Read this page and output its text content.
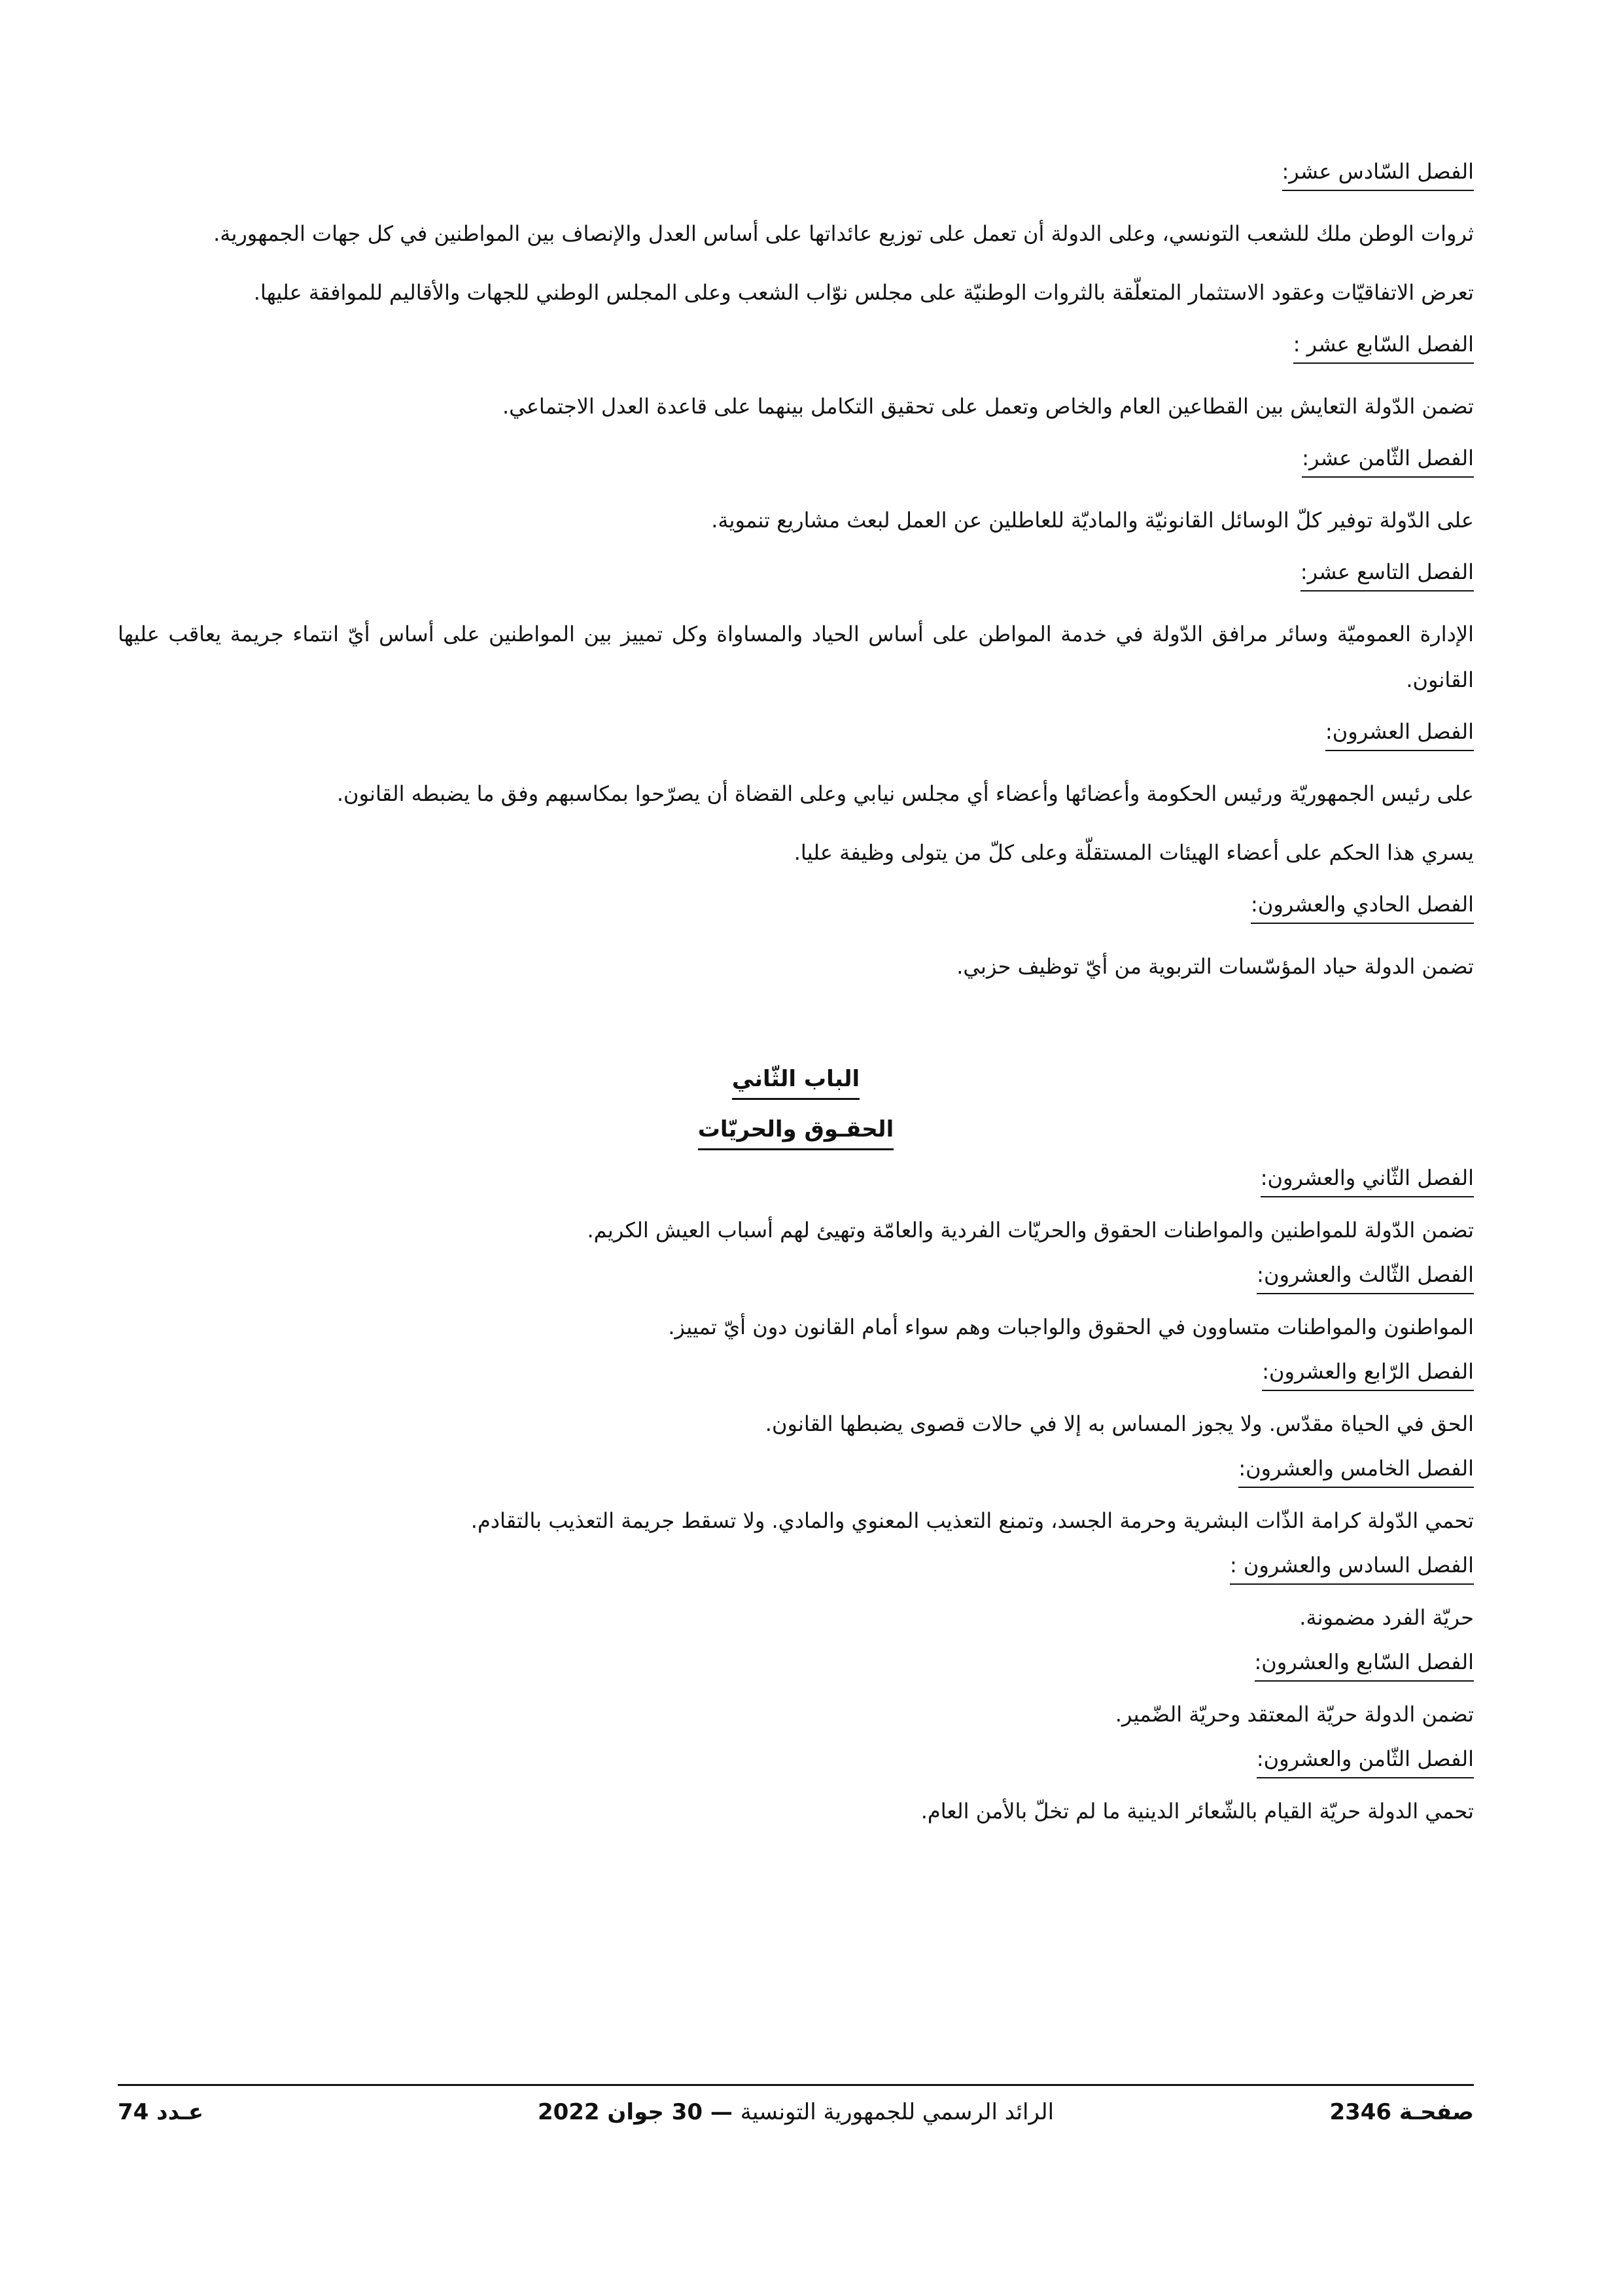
الفصل السّادس عشر:
ثروات الوطن ملك للشعب التونسي، وعلى الدولة أن تعمل على توزيع عائداتها على أساس العدل والإنصاف بين المواطنين في كل جهات الجمهورية.
تعرض الاتفاقيّات وعقود الاستثمار المتعلّقة بالثروات الوطنيّة على مجلس نوّاب الشعب وعلى المجلس الوطني للجهات والأقاليم للموافقة عليها.
الفصل السّابع عشر :
تضمن الدّولة التعايش بين القطاعين العام والخاص وتعمل على تحقيق التكامل بينهما على قاعدة العدل الاجتماعي.
الفصل الثّامن عشر:
على الدّولة توفير كلّ الوسائل القانونيّة والماديّة للعاطلين عن العمل لبعث مشاريع تنموية.
الفصل التاسع عشر:
الإدارة العموميّة وسائر مرافق الدّولة في خدمة المواطن على أساس الحياد والمساواة وكل تمييز بين المواطنين على أساس أيّ انتماء جريمة يعاقب عليها القانون.
الفصل العشرون:
على رئيس الجمهوريّة ورئيس الحكومة وأعضائها وأعضاء أي مجلس نيابي وعلى القضاة أن يصرّحوا بمكاسبهم وفق ما يضبطه القانون.
يسري هذا الحكم على أعضاء الهيئات المستقلّة وعلى كلّ من يتولى وظيفة عليا.
الفصل الحادي والعشرون:
تضمن الدولة حياد المؤسّسات التربوية من أيّ توظيف حزبي.
الباب الثّاني
الحقـوق والحريّات
الفصل الثّاني والعشرون:
تضمن الدّولة للمواطنين والمواطنات الحقوق والحريّات الفردية والعامّة وتهيئ لهم أسباب العيش الكريم.
الفصل الثّالث والعشرون:
المواطنون والمواطنات متساوون في الحقوق والواجبات وهم سواء أمام القانون دون أيّ تمييز.
الفصل الرّابع والعشرون:
الحق في الحياة مقدّس. ولا يجوز المساس به إلا في حالات قصوى يضبطها القانون.
الفصل الخامس والعشرون:
تحمي الدّولة كرامة الذّات البشرية وحرمة الجسد، وتمنع التعذيب المعنوي والمادي. ولا تسقط جريمة التعذيب بالتقادم.
الفصل السادس والعشرون :
حريّة الفرد مضمونة.
الفصل السّابع والعشرون:
تضمن الدولة حريّة المعتقد وحريّة الضّمير.
الفصل الثّامن والعشرون:
تحمي الدولة حريّة القيام بالشّعائر الدينية ما لم تخلّ بالأمن العام.
صفحـة 2346
الرائد الرسمي للجمهورية التونسية — 30 جوان 2022
عـدد 74
